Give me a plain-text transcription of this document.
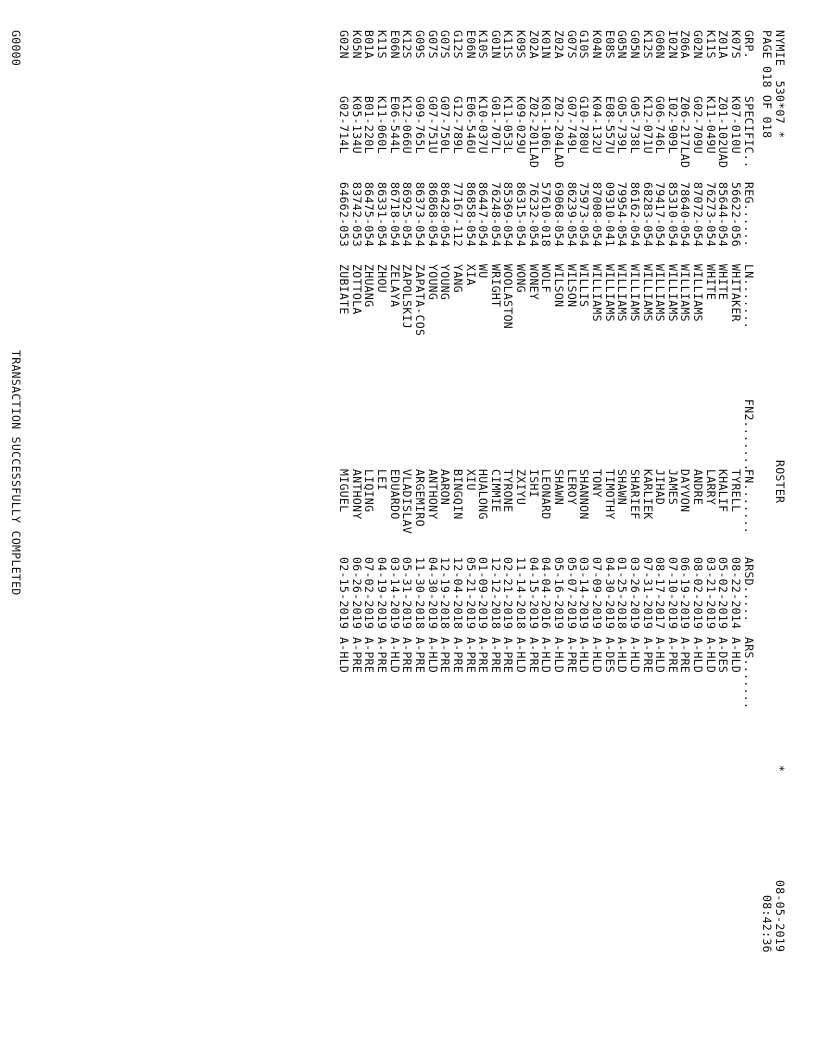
NYMIE  530*07 *
PAGE 018 OF 018
ROSTER
*
08-05-2019
08:42:36
GRP.SPECIFIC..REG......LN.......FN2.......FN.......ARSD.....ARS.......
K07SK07-010U56622-056WHITAKERTYRELL08-22-2014A-HLD
Z01AZ01-102UAD85644-054WHITEKHALIF05-02-2019A-DES
K11SK11-049U76273-054WHITELARRY03-21-2019A-HLD
G02NG02-709U87072-054WILLIAMSANDRE08-02-2019A-HLD
Z06AZ06-217LAD78640-054WILLIAMSDAYVON06-19-2019A-PRE
I02NI02-909L85310-054WILLIAMSJAMES07-10-2019A-PRE
G06NG06-746L79417-054WILLIAMSJIHAD08-17-2017A-HLD
K12SK12-071U68283-054WILLIAMSKARLIEK07-31-2019A-PRE
G05NG05-738L86162-054WILLIAMSSHARIEF03-26-2019A-HLD
G05NG05-739L79954-054WILLIAMSSHAWN01-25-2018A-HLD
E08SE08-557U09310-041WILLIAMSTIMOTHY04-30-2019A-DES
K04NK04-132U87008-054WILLIAMSTONY07-09-2019A-HLD
G10SG10-780U75973-054WILLISSHANNON03-14-2019A-HLD
G07SG07-749L86239-054WILSONLEROY05-07-2019A-PRE
Z02AZ02-204LAD69068-054WILSONSHAWN05-16-2019A-HLD
K01NK01-106L57610-018WOLFLEONARD04-04-2016A-HLD
Z02AZ02-201LAD76232-054WONEYISHI04-15-2019A-PRE
K09SK09-029U86315-054WONGZXIYU11-14-2018A-HLD
K11SK11-053L85369-054WOOLASTONTYRONE02-21-2019A-PRE
G01NG01-707L76248-054WRIGHTCIMMIE12-12-2018A-PRE
K10SK10-037U86447-054WUHUALONG01-09-2019A-PRE
E06NE06-546U86858-054XIAXIU05-21-2019A-PRE
G12SG12-789L77167-112YANGBINGQIN12-04-2018A-PRE
G07SG07-750L86428-054YOUNGAARON12-19-2018A-PRE
G07SG07-751U86868-054YOUNGANTHONY04-30-2019A-HLD
G09SG09-765L86373-054ZAPATA-COSARGEMIRO11-30-2018A-PRE
K12SK12-066U86925-054ZAPOLSKIJVLADISLAV05-31-2019A-PRE
E06NE06-544L86718-054ZELAYAEDUARDO03-14-2019A-HLD
K11SK11-060L86331-054ZHOULEI04-19-2019A-PRE
B01AB01-220L86475-054ZHUANGLIQING07-02-2019A-PRE
K05NK05-134U83742-053ZOTTOLAANTHONY06-26-2019A-PRE
G02NG02-714L64662-053ZUBIATEMIGUEL02-15-2019A-HLD
G0000
TRANSACTION SUCCESSFULLY COMPLETED
